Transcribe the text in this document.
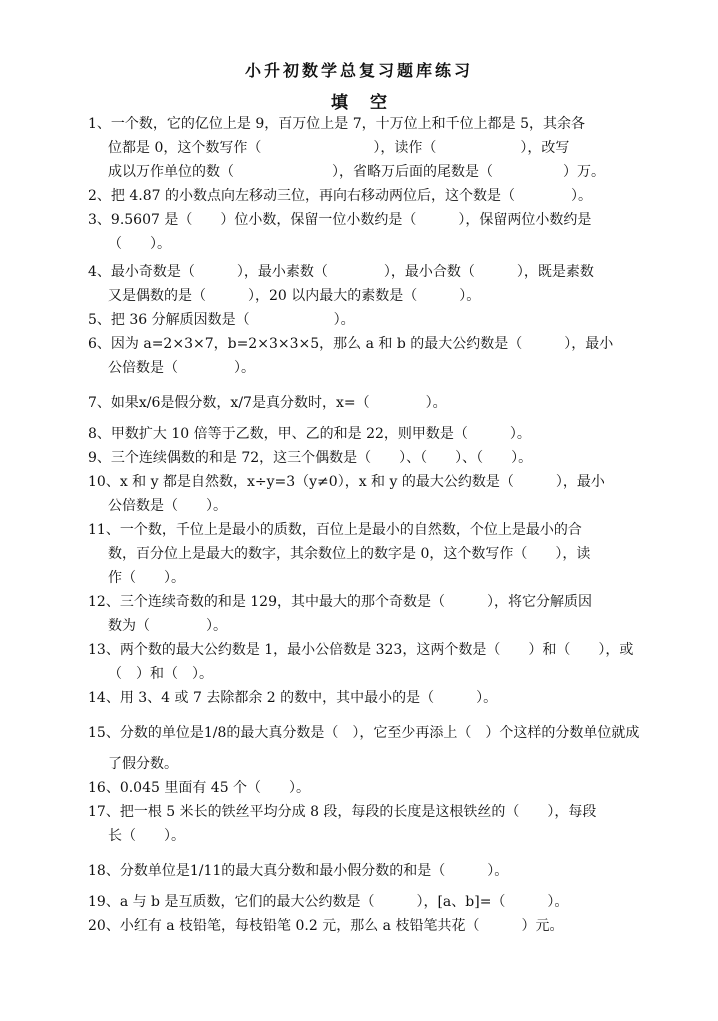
小升初数学总复习题库练习
填空
1、一个数，它的亿位上是 9，百万位上是 7，十万位上和千位上都是 5，其余各
位都是 0，这个数写作（　　　　　　　　），读作（　　　　　　），改写
成以万作单位的数（　　　　　　　），省略万后面的尾数是（　　　　　）万。
2、把 4.87 的小数点向左移动三位，再向右移动两位后，这个数是（　　　　）。
3、9.5607 是（　　）位小数，保留一位小数约是（　　　），保留两位小数约是
（　　）。
4、最小奇数是（　　　），最小素数（　　　　），最小合数（　　　），既是素数
又是偶数的是（　　　），20 以内最大的素数是（　　　）。
5、把 36 分解质因数是（　　　　　　）。
6、因为 a=2×3×7，b=2×3×3×5，那么 a 和 b 的最大公约数是（　　　），最小
公倍数是（　　　　）。
7、如果x/6是假分数，x/7是真分数时，x=（　　　　）。
8、甲数扩大 10 倍等于乙数，甲、乙的和是 22，则甲数是（　　　）。
9、三个连续偶数的和是 72，这三个偶数是（　　）、（　　）、（　　）。
10、x 和 y 都是自然数，x÷y=3（y≠0），x 和 y 的最大公约数是（　　　），最小
公倍数是（　　）。
11、一个数，千位上是最小的质数，百位上是最小的自然数，个位上是最小的合
数，百分位上是最大的数字，其余数位上的数字是 0，这个数写作（　　），读
作（　　）。
12、三个连续奇数的和是 129，其中最大的那个奇数是（　　　），将它分解质因
数为（　　　　）。
13、两个数的最大公约数是 1，最小公倍数是 323，这两个数是（　　）和（　　），或
（　）和（　）。
14、用 3、4 或 7 去除都余 2 的数中，其中最小的是（　　　）。
15、分数的单位是1/8的最大真分数是（　），它至少再添上（　）个这样的分数单位就成
了假分数。
16、0.045 里面有 45 个（　　）。
17、把一根 5 米长的铁丝平均分成 8 段，每段的长度是这根铁丝的（　　），每段
长（　　）。
18、分数单位是1/11的最大真分数和最小假分数的和是（　　　）。
19、a 与 b 是互质数，它们的最大公约数是（　　　），[a、b]=（　　　）。
20、小红有 a 枝铅笔，每枝铅笔 0.2 元，那么 a 枝铅笔共花（　　　）元。
